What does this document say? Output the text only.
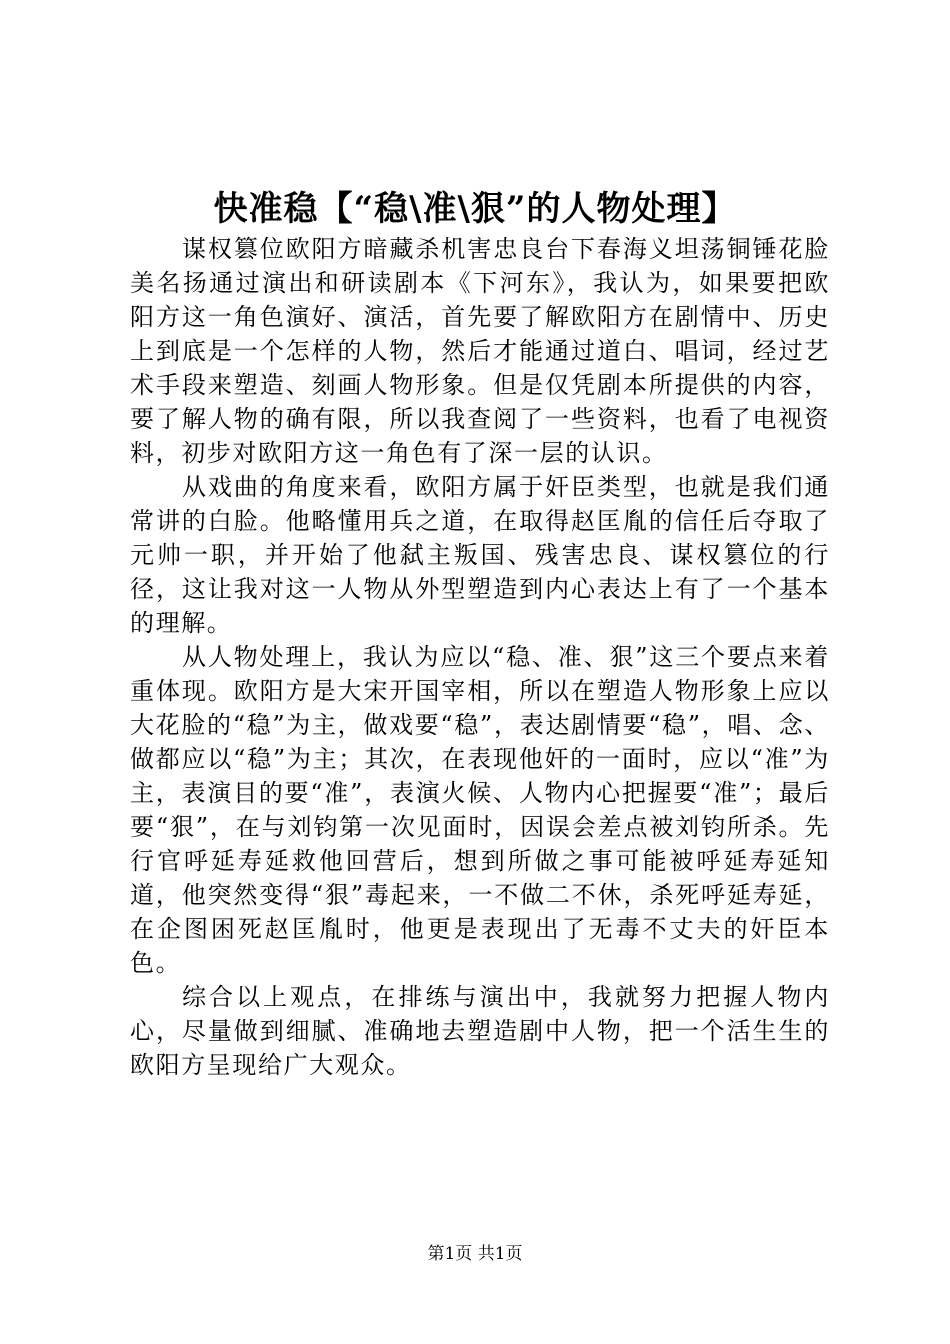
快准稳【“稳\准\狠”的人物处理】

谋权篡位欧阳方暗藏杀机害忠良台下春海义坦荡铜锤花脸美名扬通过演出和研读剧本《下河东》，我认为，如果要把欧阳方这一角色演好、演活，首先要了解欧阳方在剧情中、历史上到底是一个怎样的人物，然后才能通过道白、唱词，经过艺术手段来塑造、刻画人物形象。但是仅凭剧本所提供的内容，要了解人物的确有限，所以我查阅了一些资料，也看了电视资料，初步对欧阳方这一角色有了深一层的认识。

从戏曲的角度来看，欧阳方属于奸臣类型，也就是我们通常讲的白脸。他略懂用兵之道，在取得赵匡胤的信任后夺取了元帅一职，并开始了他弑主叛国、残害忠良、谋权篡位的行径，这让我对这一人物从外型塑造到内心表达上有了一个基本的理解。

从人物处理上，我认为应以“稳、准、狠”这三个要点来着重体现。欧阳方是大宋开国宰相，所以在塑造人物形象上应以大花脸的“稳”为主，做戏要“稳”，表达剧情要“稳”，唱、念、做都应以“稳”为主；其次，在表现他奸的一面时，应以“准”为主，表演目的要“准”，表演火候、人物内心把握要“准”；最后要“狠”，在与刘钧第一次见面时，因误会差点被刘钧所杀。先行官呼延寿延救他回营后，想到所做之事可能被呼延寿延知道，他突然变得“狠”毒起来，一不做二不休，杀死呼延寿延，在企图困死赵匡胤时，他更是表现出了无毒不丈夫的奸臣本色。

综合以上观点，在排练与演出中，我就努力把握人物内心，尽量做到细腻、准确地去塑造剧中人物，把一个活生生的欧阳方呈现给广大观众。

第1页 共1页
